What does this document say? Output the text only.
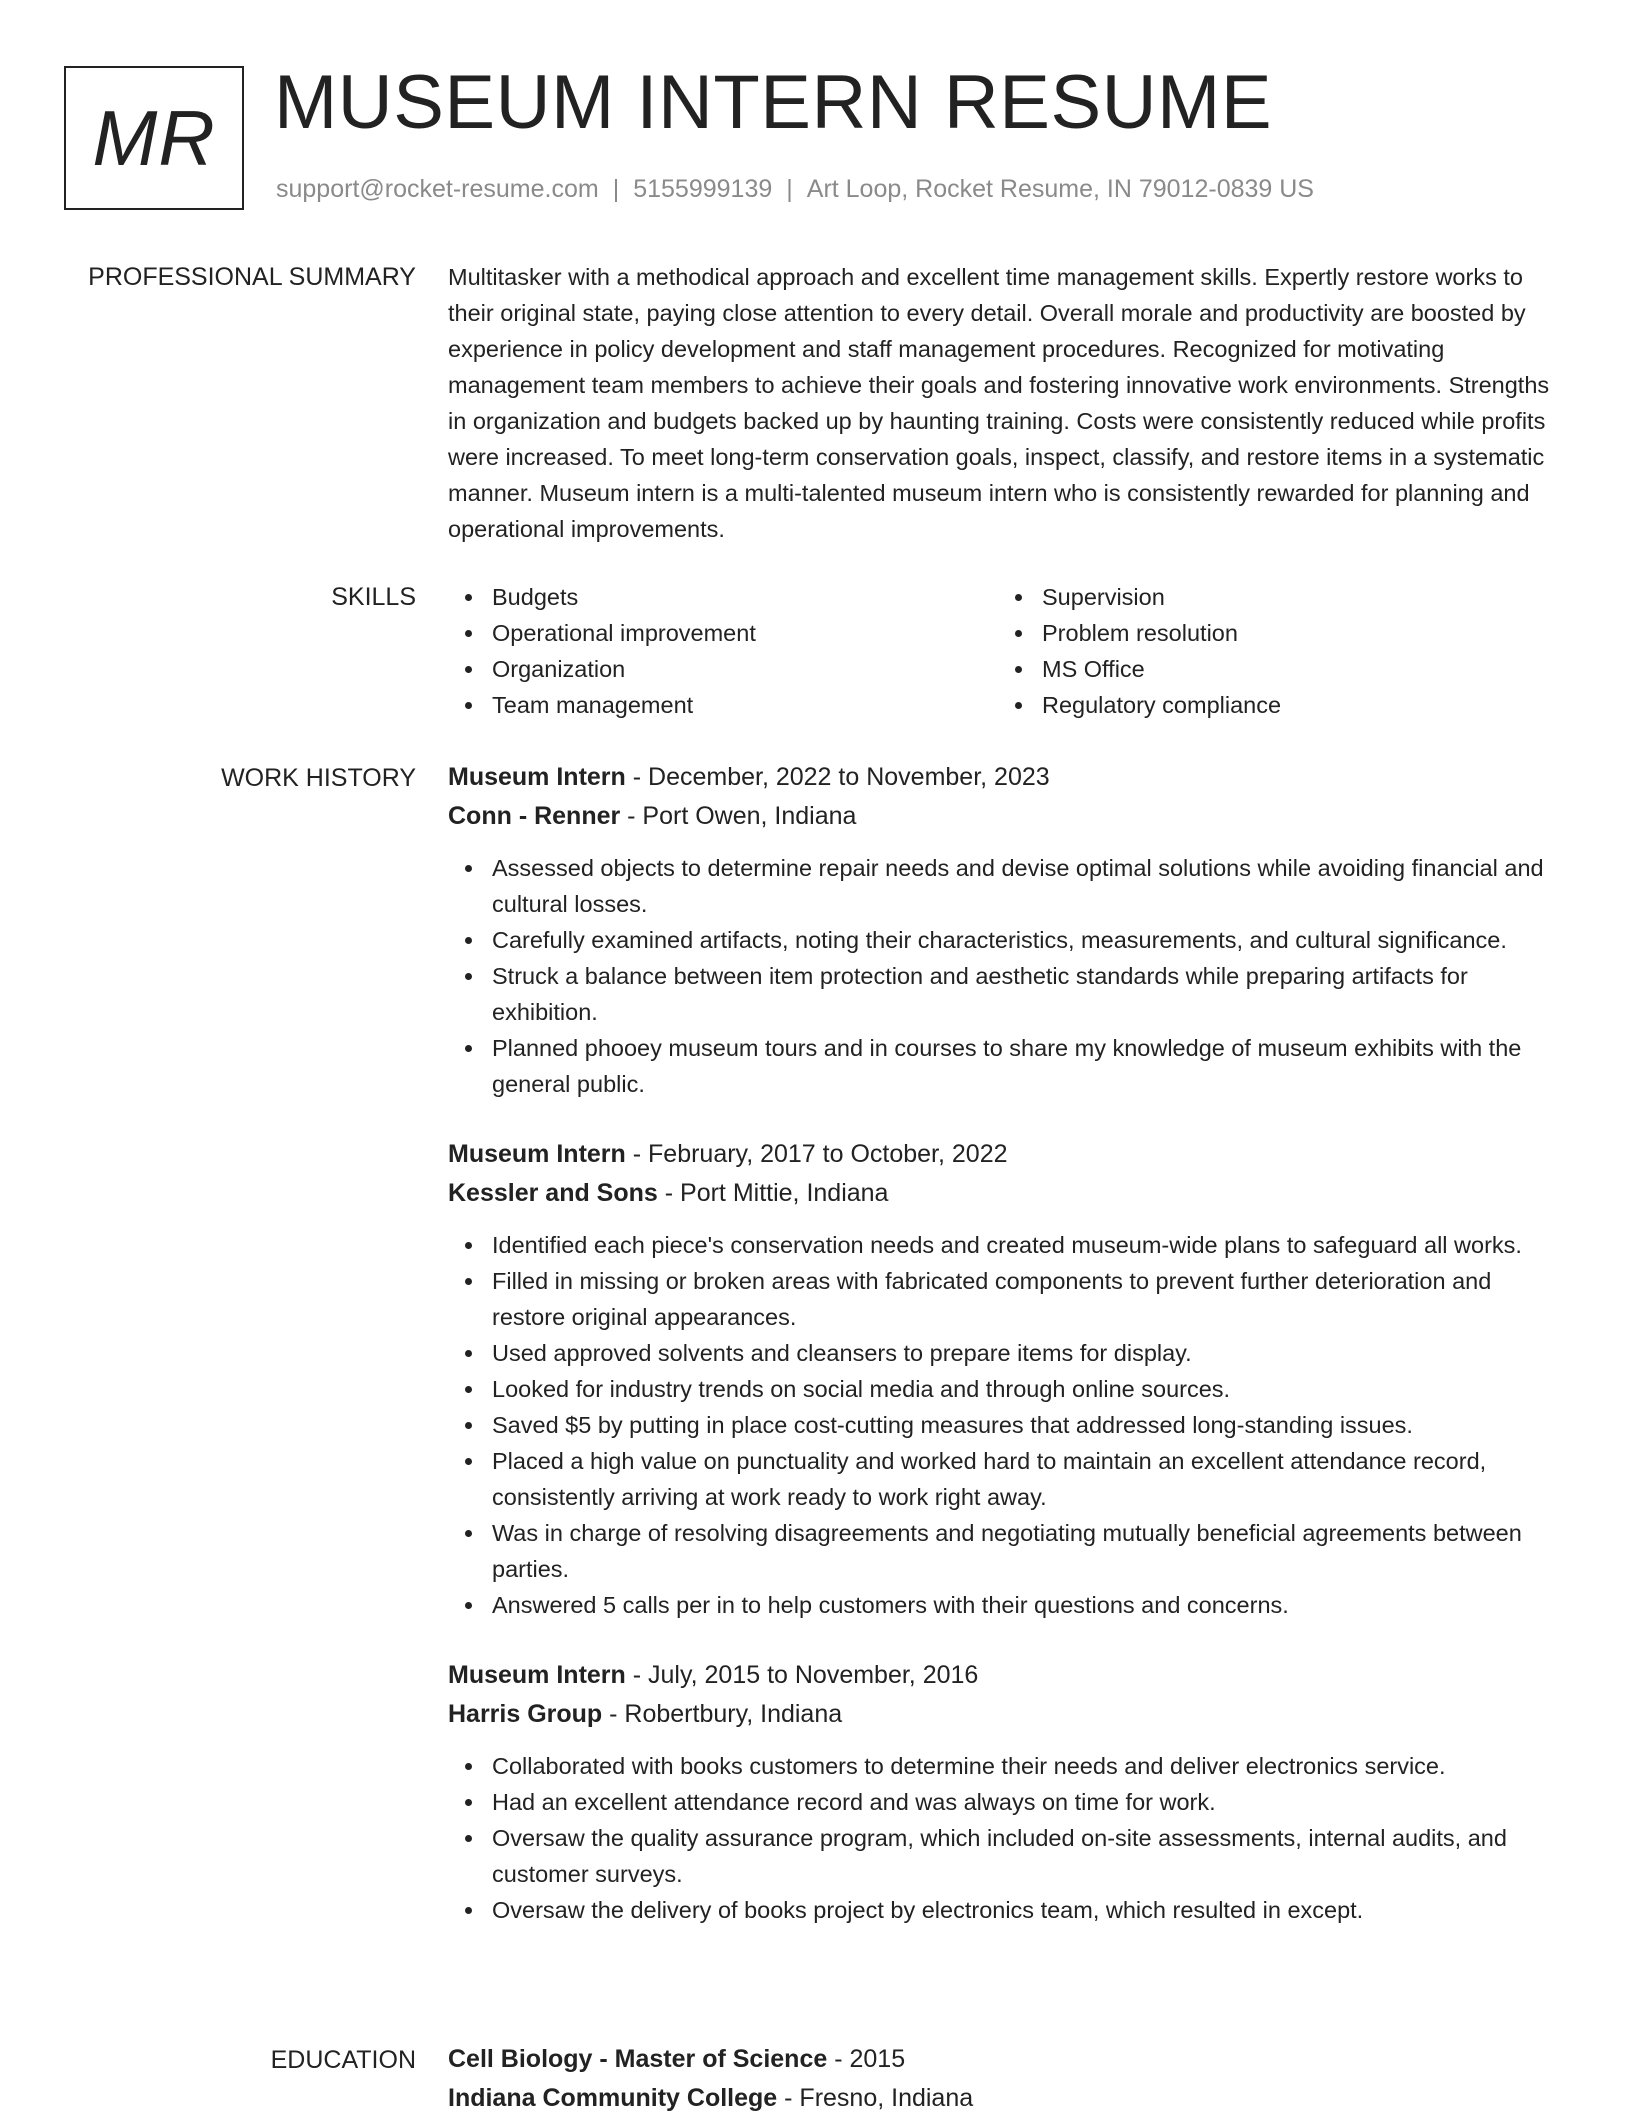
MR MUSEUM INTERN RESUME
support@rocket-resume.com | 5155999139 | Art Loop, Rocket Resume, IN 79012-0839 US
PROFESSIONAL SUMMARY Multitasker with a methodical approach and excellent time management skills. Expertly restore works to their original state, paying close attention to every detail. Overall morale and productivity are boosted by experience in policy development and staff management procedures. Recognized for motivating management team members to achieve their goals and fostering innovative work environments. Strengths in organization and budgets backed up by haunting training. Costs were consistently reduced while profits were increased. To meet long-term conservation goals, inspect, classify, and restore items in a systematic manner. Museum intern is a multi-talented museum intern who is consistently rewarded for planning and operational improvements.

SKILLS	Budgets
Operational improvement
Organization
Team management
Supervision
Problem resolution
MS Office
Regulatory compliance
WORK HISTORY Museum Intern - December, 2022 to November, 2023
Conn - Renner - Port Owen, Indiana
Assessed objects to determine repair needs and devise optimal solutions while avoiding financial and cultural losses.
Carefully examined artifacts, noting their characteristics, measurements, and cultural significance.
Struck a balance between item protection and aesthetic standards while preparing artifacts for exhibition.
Planned phooey museum tours and in courses to share my knowledge of museum exhibits with the general public.
Museum Intern - February, 2017 to October, 2022
Kessler and Sons - Port Mittie, Indiana
Identified each piece's conservation needs and created museum-wide plans to safeguard all works.
Filled in missing or broken areas with fabricated components to prevent further deterioration and restore original appearances.
Used approved solvents and cleansers to prepare items for display.
Looked for industry trends on social media and through online sources.
Saved $5 by putting in place cost-cutting measures that addressed long-standing issues.
Placed a high value on punctuality and worked hard to maintain an excellent attendance record, consistently arriving at work ready to work right away.
Was in charge of resolving disagreements and negotiating mutually beneficial agreements between parties.
Answered 5 calls per in to help customers with their questions and concerns.
Museum Intern - July, 2015 to November, 2016
Harris Group - Robertbury, Indiana
Collaborated with books customers to determine their needs and deliver electronics service.
Had an excellent attendance record and was always on time for work.
Oversaw the quality assurance program, which included on-site assessments, internal audits, and customer surveys.
Oversaw the delivery of books project by electronics team, which resulted in except.
EDUCATION Cell Biology - Master of Science - 2015
Indiana Community College - Fresno, Indiana
